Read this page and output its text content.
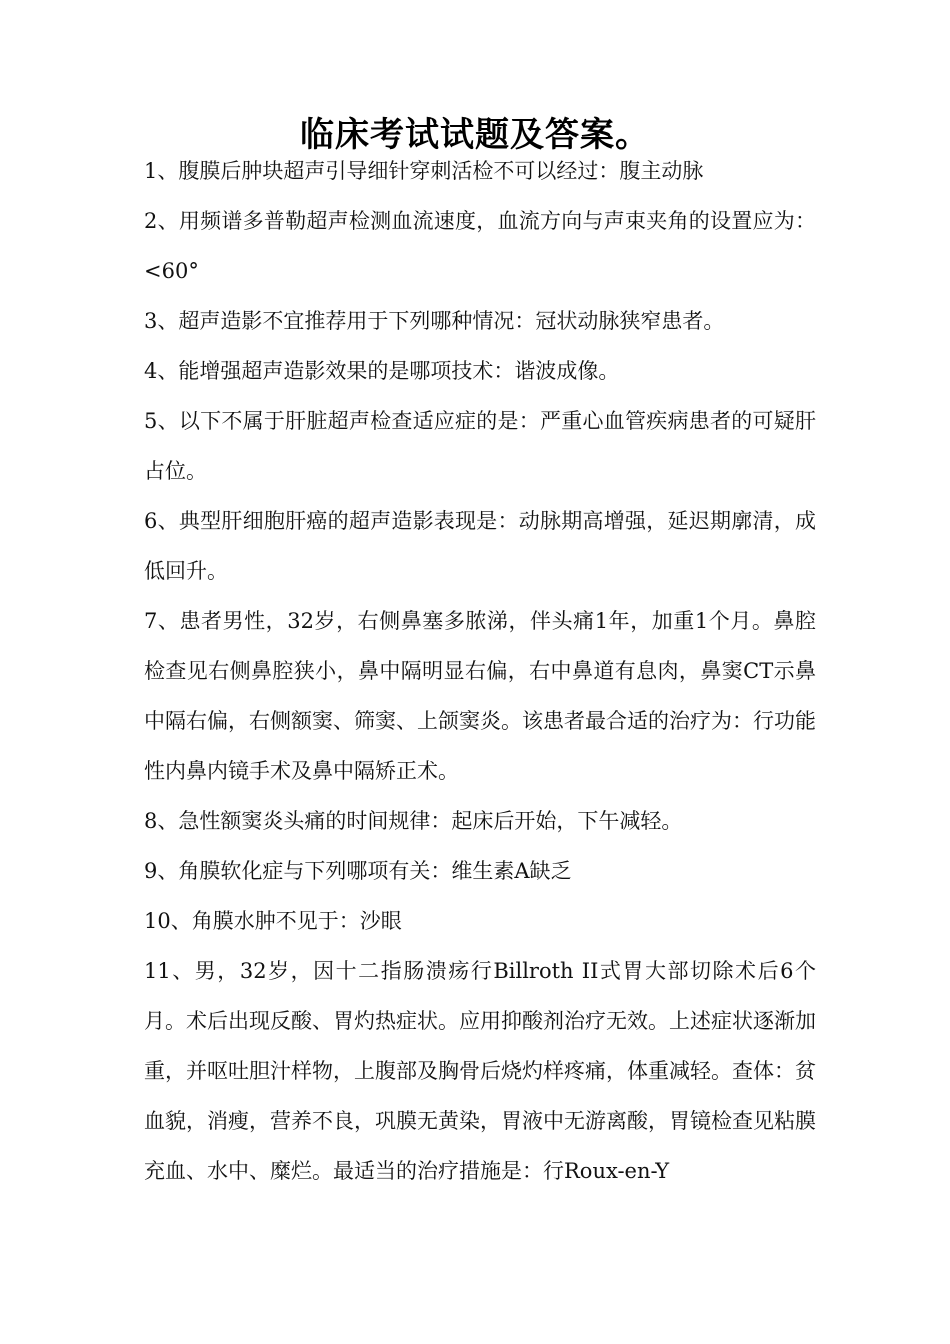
临床考试试题及答案。

1、腹膜后肿块超声引导细针穿刺活检不可以经过：腹主动脉

2、用频谱多普勒超声检测血流速度，血流方向与声束夹角的设置应为：<60°

3、超声造影不宜推荐用于下列哪种情况：冠状动脉狭窄患者。

4、能增强超声造影效果的是哪项技术：谐波成像。

5、以下不属于肝脏超声检查适应症的是：严重心血管疾病患者的可疑肝占位。

6、典型肝细胞肝癌的超声造影表现是：动脉期高增强，延迟期廓清，成低回升。

7、患者男性，32岁，右侧鼻塞多脓涕，伴头痛1年，加重1个月。鼻腔检查见右侧鼻腔狭小，鼻中隔明显右偏，右中鼻道有息肉，鼻窦CT示鼻中隔右偏，右侧额窦、筛窦、上颌窦炎。该患者最合适的治疗为：行功能性内鼻内镜手术及鼻中隔矫正术。

8、急性额窦炎头痛的时间规律：起床后开始，下午减轻。

9、角膜软化症与下列哪项有关：维生素A缺乏

10、角膜水肿不见于：沙眼

11、男，32岁，因十二指肠溃疡行Billroth II式胃大部切除术后6个月。术后出现反酸、胃灼热症状。应用抑酸剂治疗无效。上述症状逐渐加重，并呕吐胆汁样物，上腹部及胸骨后烧灼样疼痛，体重减轻。查体：贫血貌，消瘦，营养不良，巩膜无黄染，胃液中无游离酸，胃镜检查见粘膜充血、水中、糜烂。最适当的治疗措施是：行Roux-en-Y
